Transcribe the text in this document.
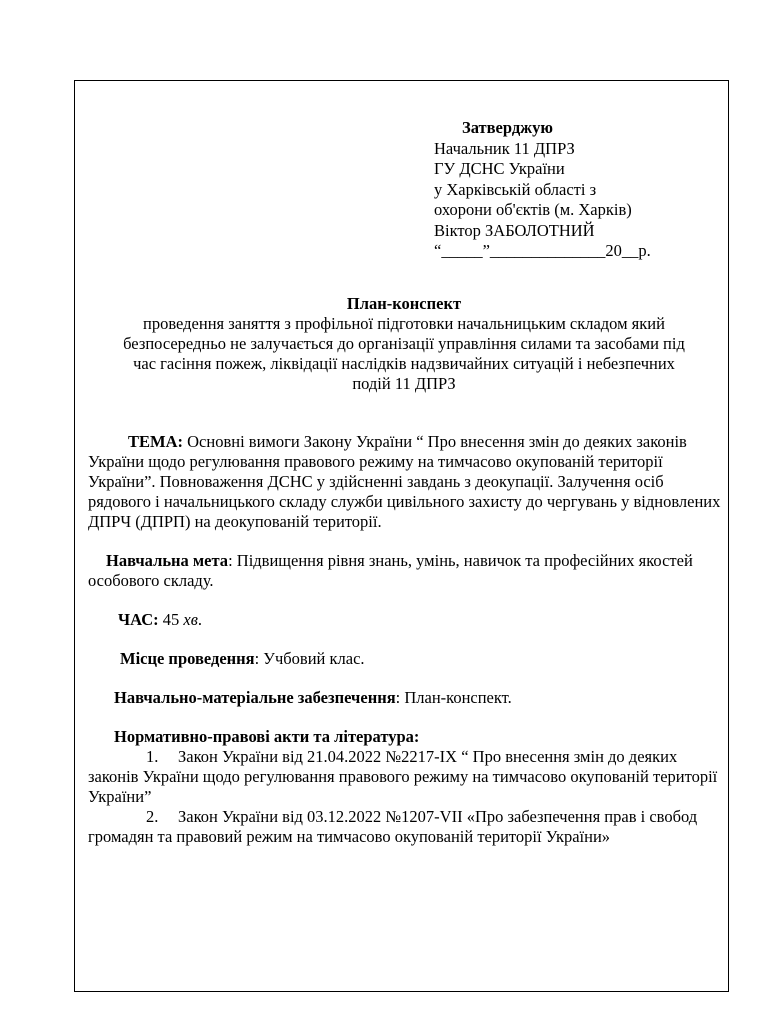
Затверджую
Начальник 11 ДПРЗ
ГУ ДСНС України
у Харківській області з
охорони об'єктів (м. Харків)
Віктор ЗАБОЛОТНИЙ
“_____”______________20__р.
План-конспект
проведення заняття з профільної підготовки начальницьким складом який
безпосередньо не залучається до організації управління силами та засобами під
час гасіння пожеж, ліквідації наслідків надзвичайних ситуацій і небезпечних
подій 11 ДПРЗ

ТЕМА: Основні вимоги Закону України “ Про внесення змін до деяких законів України щодо регулювання правового режиму на тимчасово окупованій території України”. Повноваження ДСНС у здійсненні завдань з деокупації. Залучення осіб рядового і начальницького складу служби цивільного захисту до чергувань у відновлених ДПРЧ (ДПРП) на деокупованій території.

Навчальна мета: Підвищення рівня знань, умінь, навичок та професійних якостей особового складу.

ЧАС: 45 хв.

Місце проведення: Учбовий клас.

Навчально-матеріальне забезпечення: План-конспект.

Нормативно-правові акти та література:

1. Закон України від 21.04.2022 №2217-IX “ Про внесення змін до деяких законів України щодо регулювання правового режиму на тимчасово окупованій території України”

2. Закон України від 03.12.2022 №1207-VII «Про забезпечення прав і свобод громадян та правовий режим на тимчасово окупованій території України»
